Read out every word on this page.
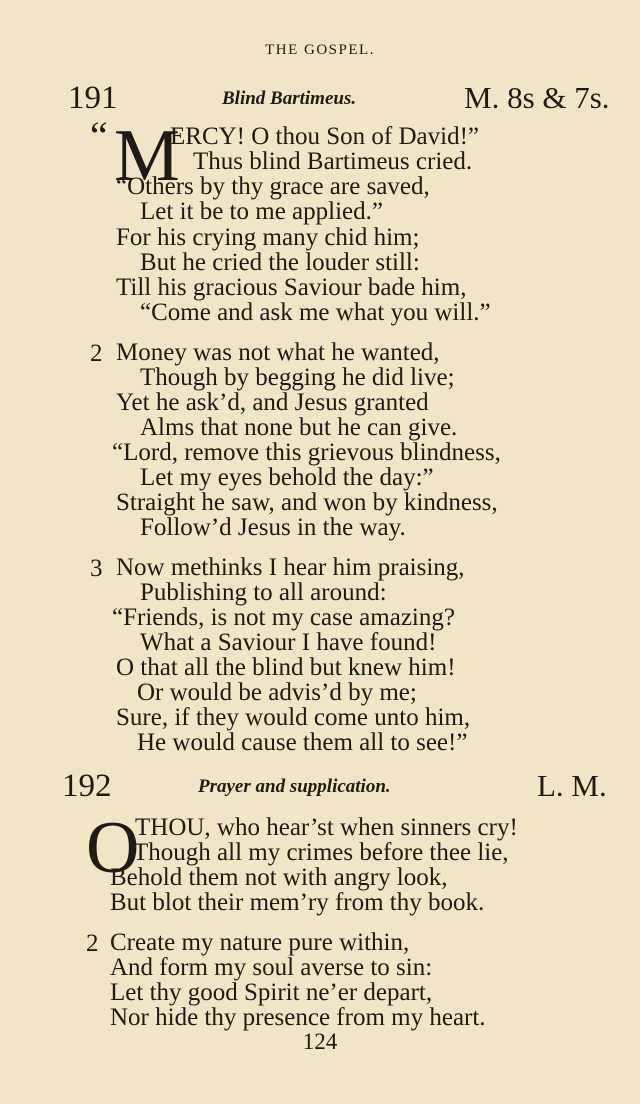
THE GOSPEL.
191	Blind Bartimeus.	M. 8s & 7s.
“ M
ERCY! O thou Son of David!”
Thus blind Bartimeus cried.
“Others by thy grace are saved,
Let it be to me applied.”
For his crying many chid him;
But he cried the louder still:
Till his gracious Saviour bade him,
“Come and ask me what you will.”
2 Money was not what he wanted,
Though by begging he did live;
Yet he ask’d, and Jesus granted
Alms that none but he can give.
“Lord, remove this grievous blindness,
Let my eyes behold the day:”
Straight he saw, and won by kindness,
Follow’d Jesus in the way.
3 Now methinks I hear him praising,
Publishing to all around:
“Friends, is not my case amazing?
What a Saviour I have found!
O that all the blind but knew him!
Or would be advis’d by me;
Sure, if they would come unto him,
He would cause them all to see!”
192	Prayer and supplication.	L. M.
O
THOU, who hear’st when sinners cry!
Though all my crimes before thee lie,
Behold them not with angry look,
But blot their mem’ry from thy book.
2 Create my nature pure within,
And form my soul averse to sin:
Let thy good Spirit ne’er depart,
Nor hide thy presence from my heart.
124
